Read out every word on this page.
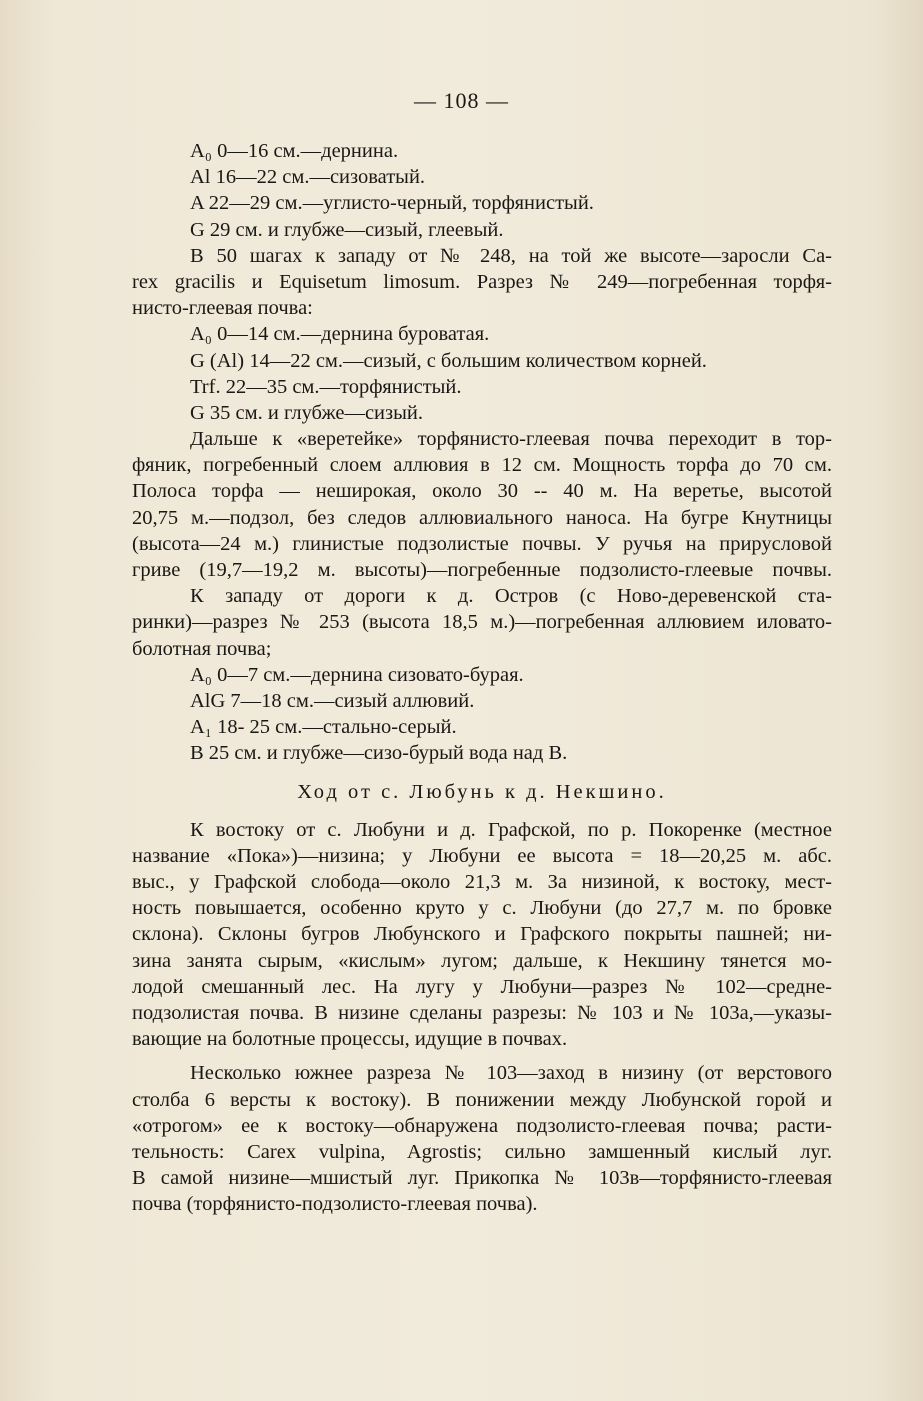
— 108 —
A₀ 0—16 см.—дернина.
Al 16—22 см.—сизоватый.
A 22—29 см.—углисто-черный, торфянистый.
G 29 см. и глубже—сизый, глеевый.
В 50 шагах к западу от № 248, на той же высоте—заросли Са-
rex gracilis и Equisetum limosum. Разрез № 249—погребенная торфя-
нисто-глеевая почва:
A₀ 0—14 см.—дернина буроватая.
G (Al) 14—22 см.—сизый, с большим количеством корней.
Trf. 22—35 см.—торфянистый.
G 35 см. и глубже—сизый.
Дальше к «веретейке» торфянисто-глеевая почва переходит в тор-
фяник, погребенный слоем аллювия в 12 см. Мощность торфа до 70 см.
Полоса торфа — неширокая, около 30 -- 40 м. На веретье, высотой
20,75 м.—подзол, без следов аллювиального наноса. На бугре Кнутницы
(высота—24 м.) глинистые подзолистые почвы. У ручья на прирусловой
гриве (19,7—19,2 м. высоты)—погребенные подзолисто-глеевые почвы.
К западу от дороги к д. Остров (с Ново-деревенской ста-
ринки)—разрез № 253 (высота 18,5 м.)—погребенная аллювием иловато-
болотная почва;
A₀ 0—7 см.—дернина сизовато-бурая.
AlG 7—18 см.—сизый аллювий.
A₁ 18- 25 см.—стально-серый.
В 25 см. и глубже—сизо-бурый вода над В.
Ход от с. Любунь к д. Некшино.
К востоку от с. Любуни и д. Графской, по р. Покоренке (местное
название «Пока»)—низина; у Любуни ее высота = 18—20,25 м. абс.
выс., у Графской слобода—около 21,3 м. За низиной, к востоку, мест-
ность повышается, особенно круто у с. Любуни (до 27,7 м. по бровке
склона). Склоны бугров Любунского и Графского покрыты пашней; ни-
зина занята сырым, «кислым» лугом; дальше, к Некшину тянется мо-
лодой смешанный лес. На лугу у Любуни—разрез № 102—средне-
подзолистая почва. В низине сделаны разрезы: № 103 и № 103а,—указы-
вающие на болотные процессы, идущие в почвах.
Несколько южнее разреза № 103—заход в низину (от верстового
столба 6 версты к востоку). В понижении между Любунской горой и
«отрогом» ее к востоку—обнаружена подзолисто-глеевая почва; расти-
тельность: Carex vulpina, Agrostis; сильно замшенный кислый луг.
В самой низине—мшистый луг. Прикопка № 103в—торфянисто-глеевая
почва (торфянисто-подзолисто-глеевая почва).
